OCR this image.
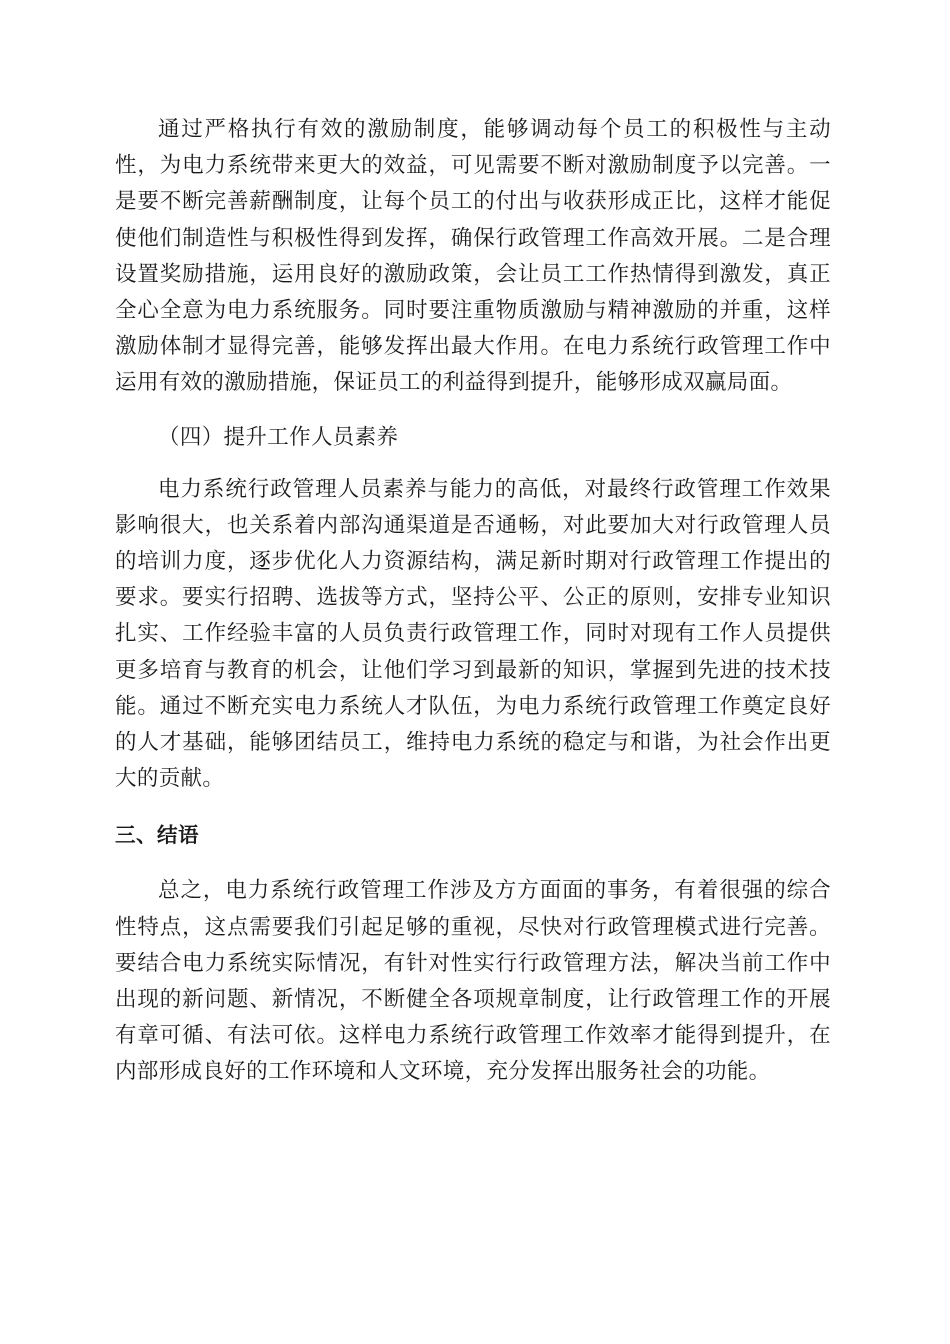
通过严格执行有效的激励制度，能够调动每个员工的积极性与主动性，为电力系统带来更大的效益，可见需要不断对激励制度予以完善。一是要不断完善薪酬制度，让每个员工的付出与收获形成正比，这样才能促使他们制造性与积极性得到发挥，确保行政管理工作高效开展。二是合理设置奖励措施，运用良好的激励政策，会让员工工作热情得到激发，真正全心全意为电力系统服务。同时要注重物质激励与精神激励的并重，这样激励体制才显得完善，能够发挥出最大作用。在电力系统行政管理工作中运用有效的激励措施，保证员工的利益得到提升，能够形成双赢局面。

（四）提升工作人员素养

电力系统行政管理人员素养与能力的高低，对最终行政管理工作效果影响很大，也关系着内部沟通渠道是否通畅，对此要加大对行政管理人员的培训力度，逐步优化人力资源结构，满足新时期对行政管理工作提出的要求。要实行招聘、选拔等方式，坚持公平、公正的原则，安排专业知识扎实、工作经验丰富的人员负责行政管理工作，同时对现有工作人员提供更多培育与教育的机会，让他们学习到最新的知识，掌握到先进的技术技能。通过不断充实电力系统人才队伍，为电力系统行政管理工作奠定良好的人才基础，能够团结员工，维持电力系统的稳定与和谐，为社会作出更大的贡献。

三、结语

总之，电力系统行政管理工作涉及方方面面的事务，有着很强的综合性特点，这点需要我们引起足够的重视，尽快对行政管理模式进行完善。要结合电力系统实际情况，有针对性实行行政管理方法，解决当前工作中出现的新问题、新情况，不断健全各项规章制度，让行政管理工作的开展有章可循、有法可依。这样电力系统行政管理工作效率才能得到提升，在内部形成良好的工作环境和人文环境，充分发挥出服务社会的功能。
